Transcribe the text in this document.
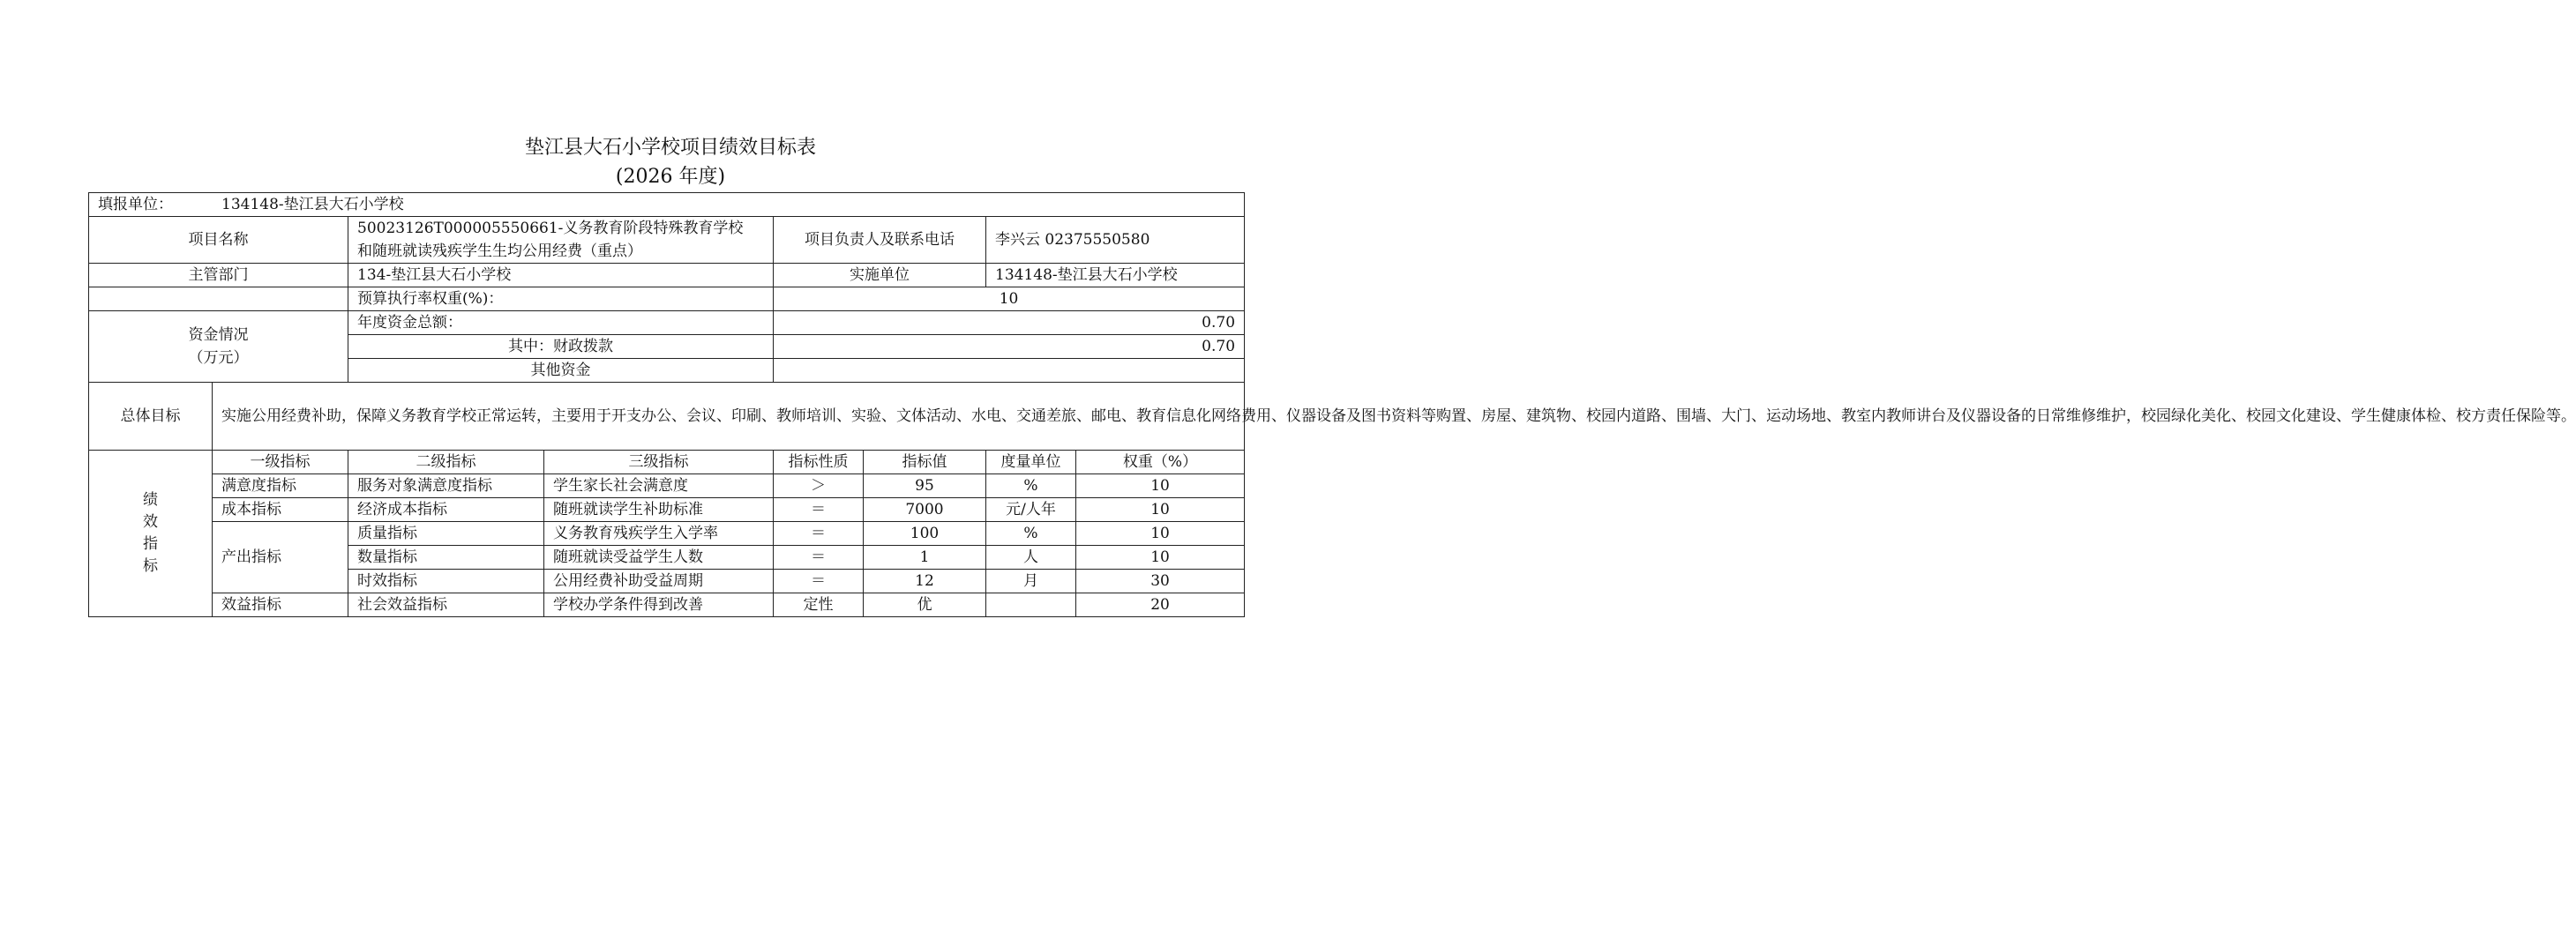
垫江县大石小学校项目绩效目标表
(2026 年度)
填报单位： 134148-垫江县大石小学校							
项目名称		50023126T000005550661-义务教育阶段特殊教育学校
和随班就读残疾学生生均公用经费（重点）		项目负责人及联系电话		李兴云 02375550580	
主管部门		134-垫江县大石小学校		实施单位		134148-垫江县大石小学校	
		预算执行率权重(%)：		10			

资金情况
（万元）		年度资金总额：		0.70			
		其中：财政拨款		0.70			
		其他资金					
总体目标	实施公用经费补助，保障义务教育学校正常运转，主要用于开支办公、会议、印刷、教师培训、实验、文体活动、水电、交通差旅、邮电、教育信息化网络费用、仪器设备及图书资料等购置、房屋、建筑物、校园内道路、围墙、大门、运动场地、教室内教师讲台及仪器设备的日常维修维护，校园绿化美化、校园文化建设、学生健康体检、校方责任保险等。						

绩
效
指
标	一级指标	二级指标	三级指标	指标性质	指标值	度量单位	权重（%）
	满意度指标	服务对象满意度指标	学生家长社会满意度	＞	95	%	10
	成本指标	经济成本指标	随班就读学生补助标准	＝	7000	元/人年	10
	产出指标	质量指标	义务教育残疾学生入学率	＝	100	%	10
		数量指标	随班就读受益学生人数	＝	1	人	10
		时效指标	公用经费补助受益周期	＝	12	月	30
	效益指标	社会效益指标	学校办学条件得到改善	定性	优		20
